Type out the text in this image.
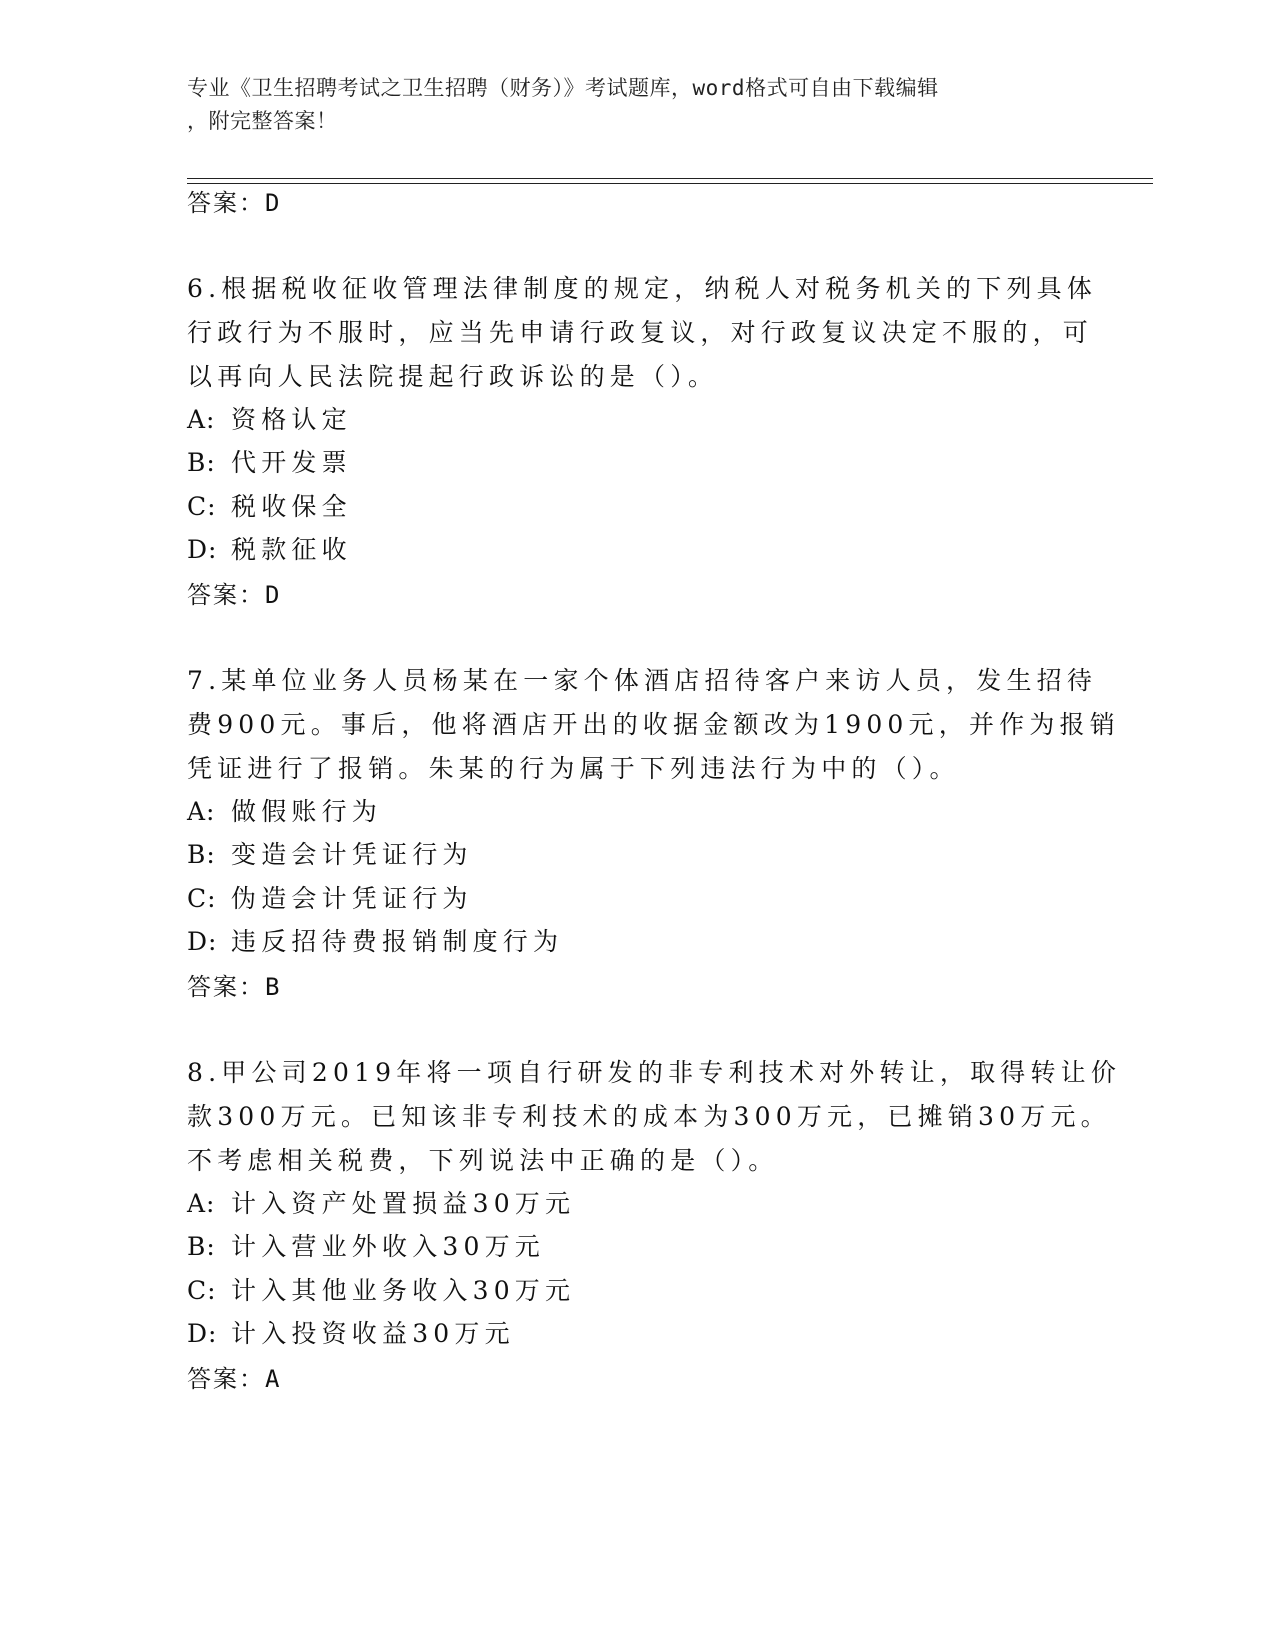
专业《卫生招聘考试之卫生招聘（财务）》考试题库，word格式可自由下载编辑
，附完整答案！
答案：D
6.根据税收征收管理法律制度的规定，纳税人对税务机关的下列具体
行政行为不服时，应当先申请行政复议，对行政复议决定不服的，可
以再向人民法院提起行政诉讼的是（）。
A: 资格认定
B: 代开发票
C: 税收保全
D: 税款征收
答案：D
7.某单位业务人员杨某在一家个体酒店招待客户来访人员，发生招待
费900元。事后，他将酒店开出的收据金额改为1900元，并作为报销
凭证进行了报销。朱某的行为属于下列违法行为中的（）。
A: 做假账行为
B: 变造会计凭证行为
C: 伪造会计凭证行为
D: 违反招待费报销制度行为
答案：B
8.甲公司2019年将一项自行研发的非专利技术对外转让，取得转让价
款300万元。已知该非专利技术的成本为300万元，已摊销30万元。
不考虑相关税费，下列说法中正确的是（）。
A: 计入资产处置损益30万元
B: 计入营业外收入30万元
C: 计入其他业务收入30万元
D: 计入投资收益30万元
答案：A
